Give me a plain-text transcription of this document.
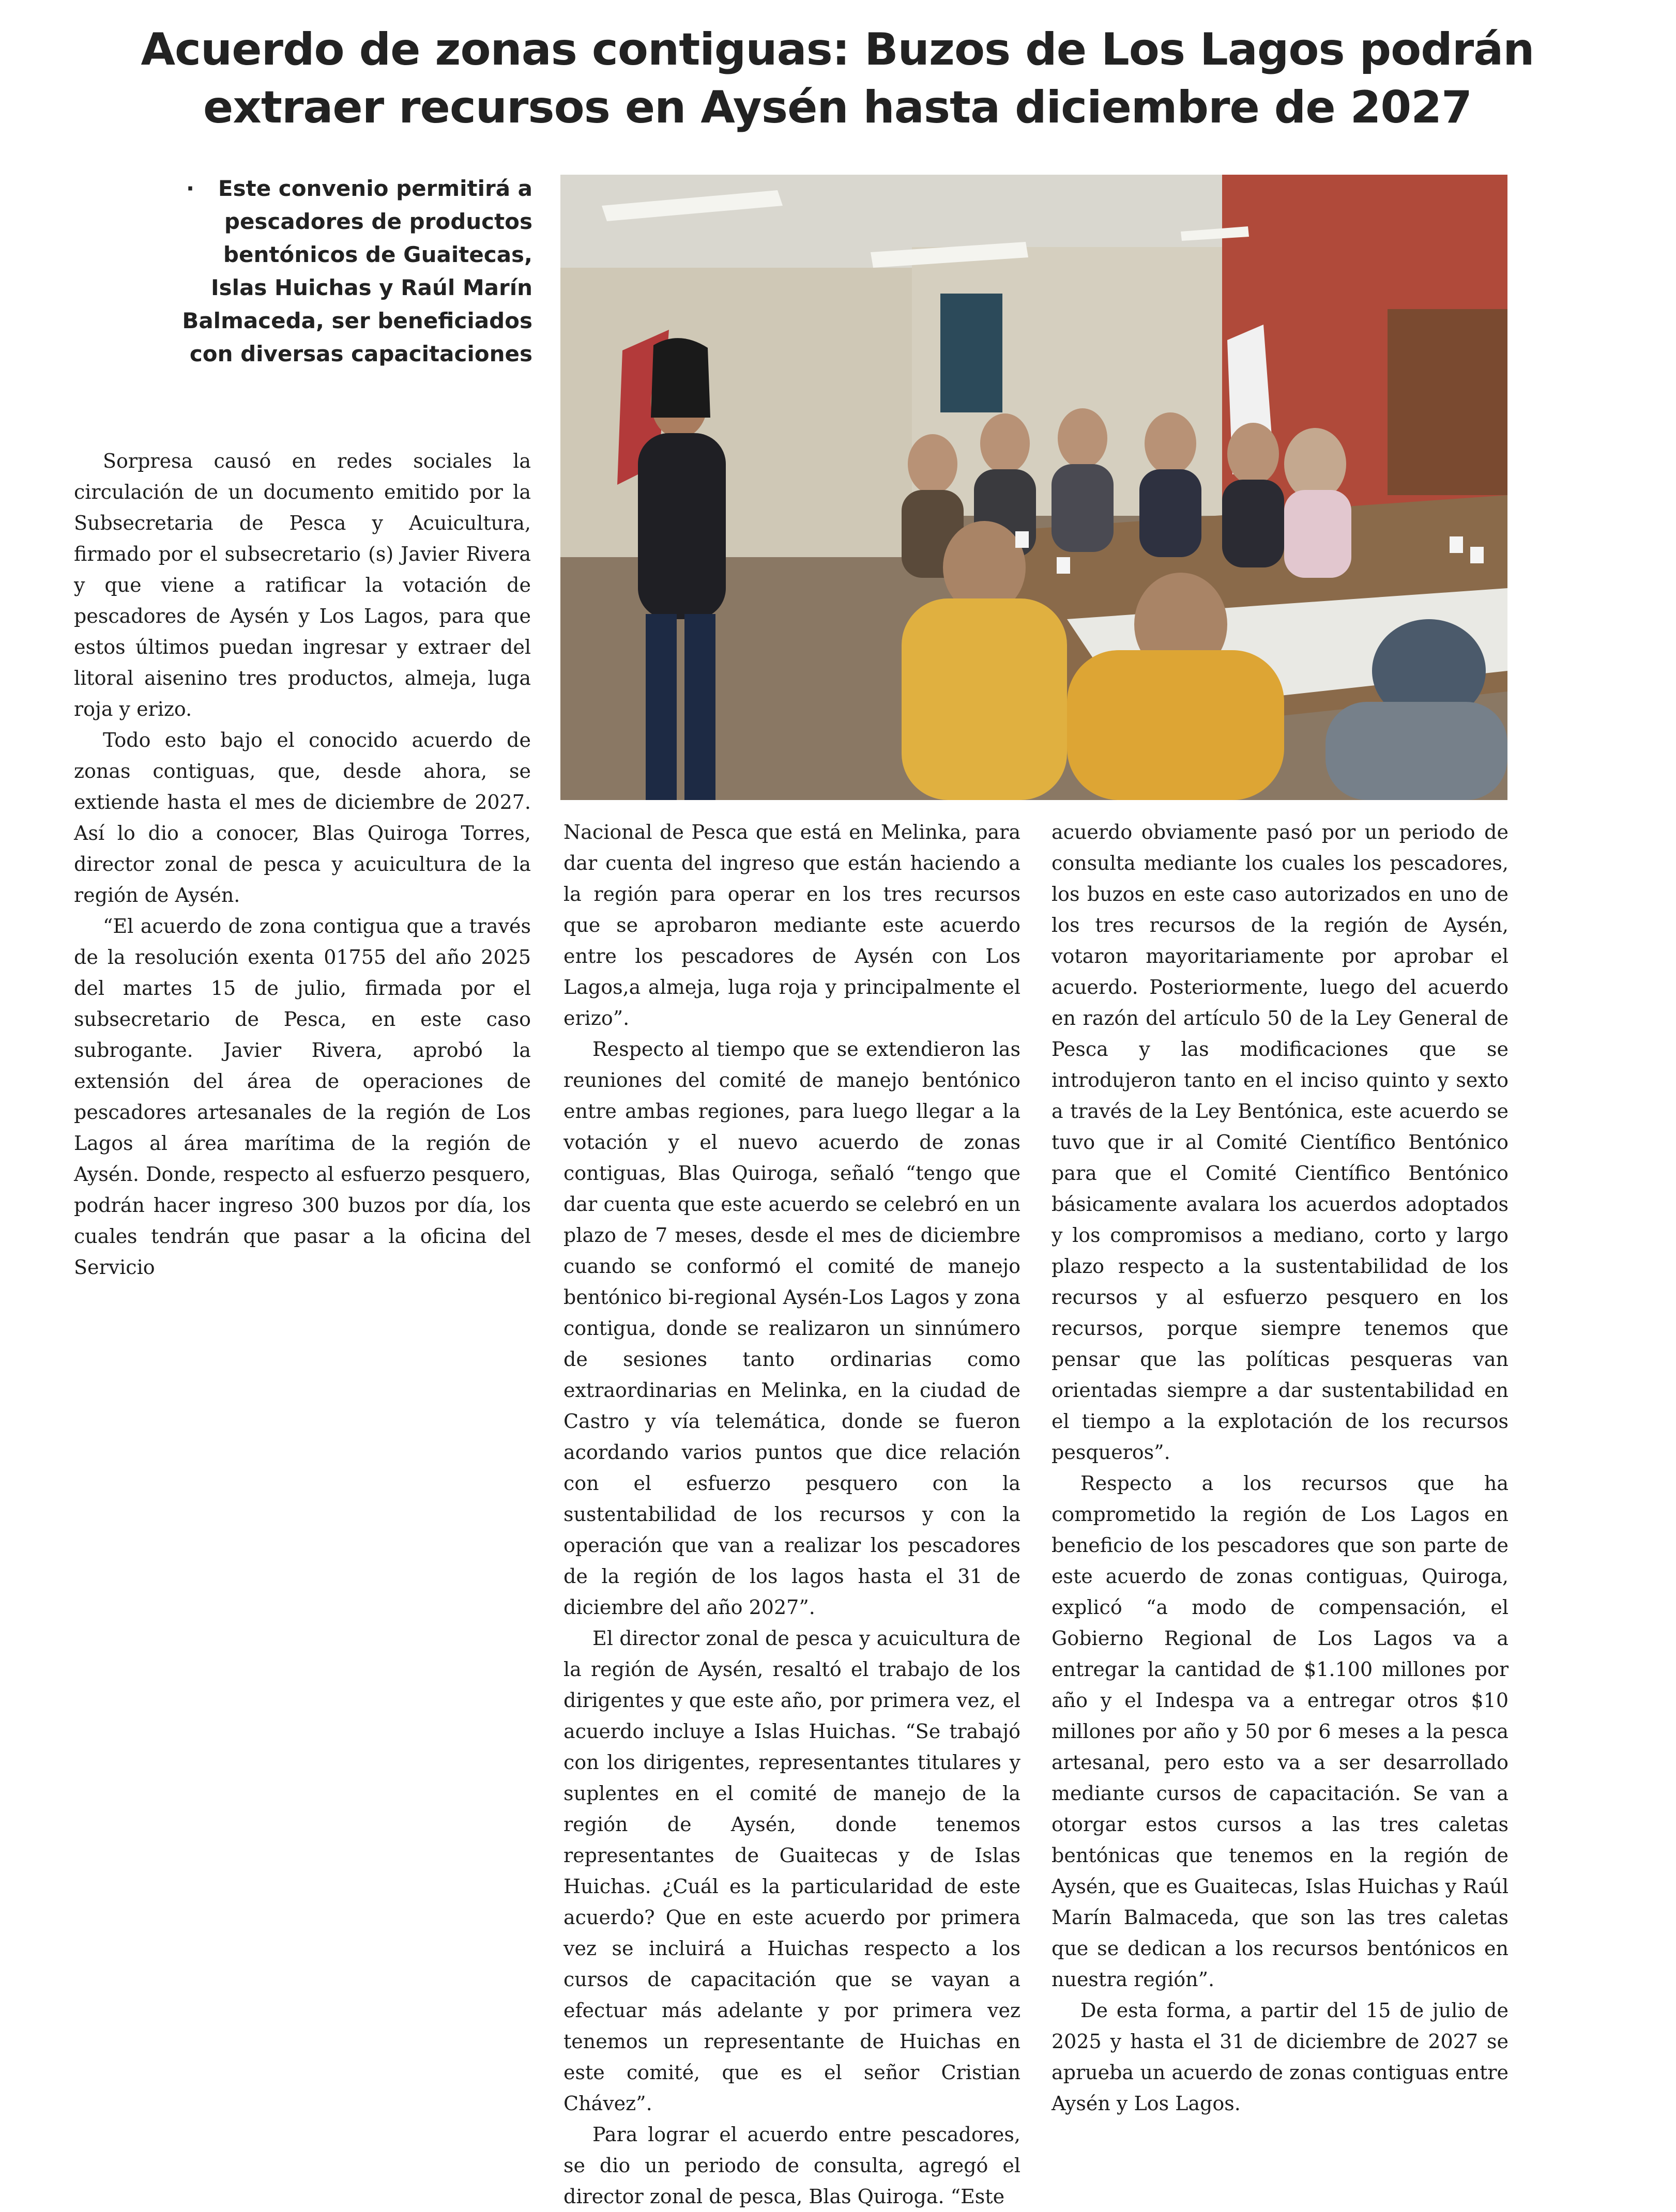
Acuerdo de zonas contiguas: Buzos de Los Lagos podrán
extraer recursos en Aysén hasta diciembre de 2027
· Este convenio permitirá a pescadores de productos bentónicos de Guaitecas, Islas Huichas y Raúl Marín Balmaceda, ser beneficiados con diversas capacitaciones

Sorpresa causó en redes sociales la circulación de un documento emitido por la Subsecretaria de Pesca y Acuicultura, firmado por el subsecretario (s) Javier Rivera y que viene a ratificar la votación de pescadores de Aysén y Los Lagos, para que estos últimos puedan ingresar y extraer del litoral aisenino tres productos, almeja, luga roja y erizo.

Todo esto bajo el conocido acuerdo de zonas contiguas, que, desde ahora, se extiende hasta el mes de diciembre de 2027. Así lo dio a conocer, Blas Quiroga Torres, director zonal de pesca y acuicultura de la región de Aysén.

“El acuerdo de zona contigua que a través de la resolución exenta 01755 del año 2025 del martes 15 de julio, firmada por el subsecretario de Pesca, en este caso subrogante. Javier Rivera, aprobó la extensión del área de operaciones de pescadores artesanales de la región de Los Lagos al área marítima de la región de Aysén. Donde, respecto al esfuerzo pesquero, podrán hacer ingreso 300 buzos por día, los cuales tendrán que pasar a la oficina del Servicio

Nacional de Pesca que está en Melinka, para dar cuenta del ingreso que están haciendo a la región para operar en los tres recursos que se aprobaron mediante este acuerdo entre los pescadores de Aysén con Los Lagos,a almeja, luga roja y principalmente el erizo”.

Respecto al tiempo que se extendieron las reuniones del comité de manejo bentónico entre ambas regiones, para luego llegar a la votación y el nuevo acuerdo de zonas contiguas, Blas Quiroga, señaló “tengo que dar cuenta que este acuerdo se celebró en un plazo de 7 meses, desde el mes de diciembre cuando se conformó el comité de manejo bentónico bi-regional Aysén-Los Lagos y zona contigua, donde se realizaron un sinnúmero de sesiones tanto ordinarias como extraordinarias en Melinka, en la ciudad de Castro y vía telemática, donde se fueron acordando varios puntos que dice relación con el esfuerzo pesquero con la sustentabilidad de los recursos y con la operación que van a realizar los pescadores de la región de los lagos hasta el 31 de diciembre del año 2027”.

El director zonal de pesca y acuicultura de la región de Aysén, resaltó el trabajo de los dirigentes y que este año, por primera vez, el acuerdo incluye a Islas Huichas. “Se trabajó con los dirigentes, representantes titulares y suplentes en el comité de manejo de la región de Aysén, donde tenemos representantes de Guaitecas y de Islas Huichas. ¿Cuál es la particularidad de este acuerdo? Que en este acuerdo por primera vez se incluirá a Huichas respecto a los cursos de capacitación que se vayan a efectuar más adelante y por primera vez tenemos un representante de Huichas en este comité, que es el señor Cristian Chávez”.

Para lograr el acuerdo entre pescadores, se dio un periodo de consulta, agregó el director zonal de pesca, Blas Quiroga. “Este

acuerdo obviamente pasó por un periodo de consulta mediante los cuales los pescadores, los buzos en este caso autorizados en uno de los tres recursos de la región de Aysén, votaron mayoritariamente por aprobar el acuerdo. Posteriormente, luego del acuerdo en razón del artículo 50 de la Ley General de Pesca y las modificaciones que se introdujeron tanto en el inciso quinto y sexto a través de la Ley Bentónica, este acuerdo se tuvo que ir al Comité Científico Bentónico para que el Comité Científico Bentónico básicamente avalara los acuerdos adoptados y los compromisos a mediano, corto y largo plazo respecto a la sustentabilidad de los recursos y al esfuerzo pesquero en los recursos, porque siempre tenemos que pensar que las políticas pesqueras van orientadas siempre a dar sustentabilidad en el tiempo a la explotación de los recursos pesqueros”.

Respecto a los recursos que ha comprometido la región de Los Lagos en beneficio de los pescadores que son parte de este acuerdo de zonas contiguas, Quiroga, explicó “a modo de compensación, el Gobierno Regional de Los Lagos va a entregar la cantidad de $1.100 millones por año y el Indespa va a entregar otros $10 millones por año y 50 por 6 meses a la pesca artesanal, pero esto va a ser desarrollado mediante cursos de capacitación. Se van a otorgar estos cursos a las tres caletas bentónicas que tenemos en la región de Aysén, que es Guaitecas, Islas Huichas y Raúl Marín Balmaceda, que son las tres caletas que se dedican a los recursos bentónicos en nuestra región”.

De esta forma, a partir del 15 de julio de 2025 y hasta el 31 de diciembre de 2027 se aprueba un acuerdo de zonas contiguas entre Aysén y Los Lagos.
